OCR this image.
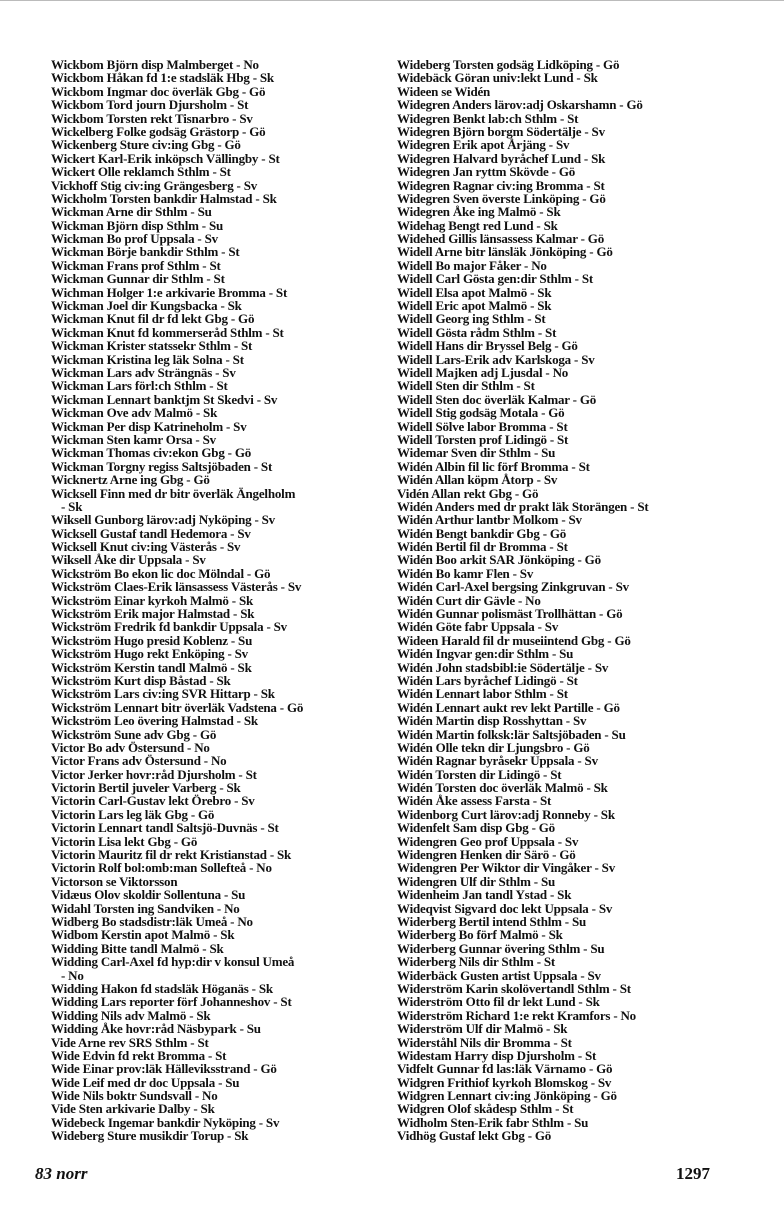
Wickbom Björn disp Malmberget - No
Wickbom Håkan fd 1:e stadsläk Hbg - Sk
Wickbom Ingmar doc överläk Gbg - Gö
Wickbom Tord journ Djursholm - St
Wickbom Torsten rekt Tisnarbro - Sv
Wickelberg Folke godsäg Grästorp - Gö
Wickenberg Sture civ:ing Gbg - Gö
Wickert Karl-Erik inköpsch Vällingby - St
Wickert Olle reklamch Sthlm - St
Vickhoff Stig civ:ing Grängesberg - Sv
Wickholm Torsten bankdir Halmstad - Sk
Wickman Arne dir Sthlm - Su
Wickman Björn disp Sthlm - Su
Wickman Bo prof Uppsala - Sv
Wickman Börje bankdir Sthlm - St
Wickman Frans prof Sthlm - St
Wickman Gunnar dir Sthlm - St
Wichman Holger 1:e arkivarie Bromma - St
Wickman Joel dir Kungsbacka - Sk
Wickman Knut fil dr fd lekt Gbg - Gö
Wickman Knut fd kommerseråd Sthlm - St
Wickman Krister statssekr Sthlm - St
Wickman Kristina leg läk Solna - St
Wickman Lars adv Strängnäs - Sv
Wickman Lars förl:ch Sthlm - St
Wickman Lennart banktjm St Skedvi - Sv
Wickman Ove adv Malmö - Sk
Wickman Per disp Katrineholm - Sv
Wickman Sten kamr Orsa - Sv
Wickman Thomas civ:ekon Gbg - Gö
Wickman Torgny regiss Saltsjöbaden - St
Wicknertz Arne ing Gbg - Gö
Wicksell Finn med dr bitr överläk Ängelholm
- Sk
Wiksell Gunborg lärov:adj Nyköping - Sv
Wicksell Gustaf tandl Hedemora - Sv
Wicksell Knut civ:ing Västerås - Sv
Wiksell Åke dir Uppsala - Sv
Wickström Bo ekon lic doc Mölndal - Gö
Wickström Claes-Erik länsassess Västerås - Sv
Wickström Einar kyrkoh Malmö - Sk
Wickström Erik major Halmstad - Sk
Wickström Fredrik fd bankdir Uppsala - Sv
Wickström Hugo presid Koblenz - Su
Wickström Hugo rekt Enköping - Sv
Wickström Kerstin tandl Malmö - Sk
Wickström Kurt disp Båstad - Sk
Wickström Lars civ:ing SVR Hittarp - Sk
Wickström Lennart bitr överläk Vadstena - Gö
Wickström Leo övering Halmstad - Sk
Wickström Sune adv Gbg - Gö
Victor Bo adv Östersund - No
Victor Frans adv Östersund - No
Victor Jerker hovr:råd Djursholm - St
Victorin Bertil juveler Varberg - Sk
Victorin Carl-Gustav lekt Örebro - Sv
Victorin Lars leg läk Gbg - Gö
Victorin Lennart tandl Saltsjö-Duvnäs - St
Victorin Lisa lekt Gbg - Gö
Victorin Mauritz fil dr rekt Kristianstad - Sk
Victorin Rolf bol:omb:man Sollefteå - No
Victorson se Viktorsson
Vidæus Olov skoldir Sollentuna - Su
Widahl Torsten ing Sandviken - No
Widberg Bo stadsdistr:läk Umeå - No
Widbom Kerstin apot Malmö - Sk
Widding Bitte tandl Malmö - Sk
Widding Carl-Axel fd hyp:dir v konsul Umeå
- No
Widding Hakon fd stadsläk Höganäs - Sk
Widding Lars reporter förf Johanneshov - St
Widding Nils adv Malmö - Sk
Widding Åke hovr:råd Näsbypark - Su
Vide Arne rev SRS Sthlm - St
Wide Edvin fd rekt Bromma - St
Wide Einar prov:läk Hälleviksstrand - Gö
Wide Leif med dr doc Uppsala - Su
Wide Nils boktr Sundsvall - No
Vide Sten arkivarie Dalby - Sk
Widebeck Ingemar bankdir Nyköping - Sv
Wideberg Sture musikdir Torup - Sk
Wideberg Torsten godsäg Lidköping - Gö
Widebäck Göran univ:lekt Lund - Sk
Wideen se Widén
Widegren Anders lärov:adj Oskarshamn - Gö
Widegren Benkt lab:ch Sthlm - St
Widegren Björn borgm Södertälje - Sv
Widegren Erik apot Årjäng - Sv
Widegren Halvard byråchef Lund - Sk
Widegren Jan ryttm Skövde - Gö
Widegren Ragnar civ:ing Bromma - St
Widegren Sven överste Linköping - Gö
Widegren Åke ing Malmö - Sk
Widehag Bengt red Lund - Sk
Widehed Gillis länsassess Kalmar - Gö
Widell Arne bitr länsläk Jönköping - Gö
Widell Bo major Fåker - No
Widell Carl Gösta gen:dir Sthlm - St
Widell Elsa apot Malmö - Sk
Widell Eric apot Malmö - Sk
Widell Georg ing Sthlm - St
Widell Gösta rådm Sthlm - St
Widell Hans dir Bryssel Belg - Gö
Widell Lars-Erik adv Karlskoga - Sv
Widell Majken adj Ljusdal - No
Widell Sten dir Sthlm - St
Widell Sten doc överläk Kalmar - Gö
Widell Stig godsäg Motala - Gö
Widell Sölve labor Bromma - St
Widell Torsten prof Lidingö - St
Widemar Sven dir Sthlm - Su
Widén Albin fil lic förf Bromma - St
Widén Allan köpm Åtorp - Sv
Vidén Allan rekt Gbg - Gö
Widén Anders med dr prakt läk Storängen - St
Widén Arthur lantbr Molkom - Sv
Widén Bengt bankdir Gbg - Gö
Widén Bertil fil dr Bromma - St
Widén Boo arkit SAR Jönköping - Gö
Widén Bo kamr Flen - Sv
Widén Carl-Axel bergsing Zinkgruvan - Sv
Widén Curt dir Gävle - No
Widén Gunnar polismäst Trollhättan - Gö
Widén Göte fabr Uppsala - Sv
Wideen Harald fil dr museiintend Gbg - Gö
Widén Ingvar gen:dir Sthlm - Su
Widén John stadsbibl:ie Södertälje - Sv
Widén Lars byråchef Lidingö - St
Widén Lennart labor Sthlm - St
Widén Lennart aukt rev lekt Partille - Gö
Widén Martin disp Rosshyttan - Sv
Widén Martin folksk:lär Saltsjöbaden - Su
Widén Olle tekn dir Ljungsbro - Gö
Widén Ragnar byråsekr Uppsala - Sv
Widén Torsten dir Lidingö - St
Widén Torsten doc överläk Malmö - Sk
Widén Åke assess Farsta - St
Widenborg Curt lärov:adj Ronneby - Sk
Widenfelt Sam disp Gbg - Gö
Widengren Geo prof Uppsala - Sv
Widengren Henken dir Särö - Gö
Widengren Per Wiktor dir Vingåker - Sv
Widengren Ulf dir Sthlm - Su
Widenheim Jan tandl Ystad - Sk
Wideqvist Sigvard doc lekt Uppsala - Sv
Widerberg Bertil intend Sthlm - Su
Widerberg Bo förf Malmö - Sk
Widerberg Gunnar övering Sthlm - Su
Widerberg Nils dir Sthlm - St
Widerbäck Gusten artist Uppsala - Sv
Widerström Karin skolövertandl Sthlm - St
Widerström Otto fil dr lekt Lund - Sk
Widerström Richard 1:e rekt Kramfors - No
Widerström Ulf dir Malmö - Sk
Widerståhl Nils dir Bromma - St
Widestam Harry disp Djursholm - St
Vidfelt Gunnar fd las:läk Värnamo - Gö
Widgren Frithiof kyrkoh Blomskog - Sv
Widgren Lennart civ:ing Jönköping - Gö
Widgren Olof skådesp Sthlm - St
Widholm Sten-Erik fabr Sthlm - Su
Vidhög Gustaf lekt Gbg - Gö
83 norr	1297
